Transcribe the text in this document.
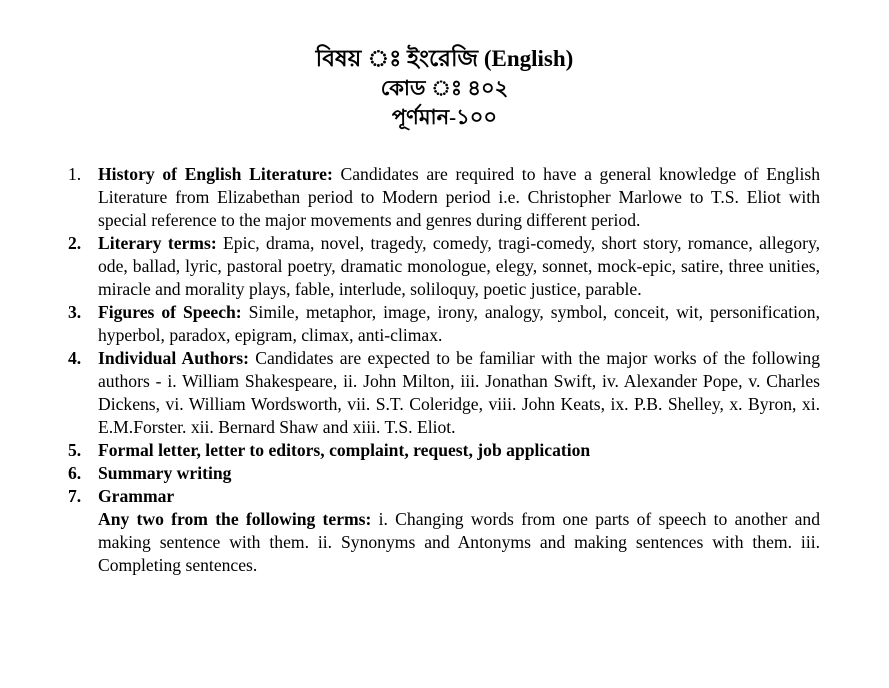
বিষয় ঃ ইংরেজি (English)
কোড ঃ ৪০২
পূর্ণমান-১০০
1. History of English Literature: Candidates are required to have a general knowledge of English Literature from Elizabethan period to Modern period i.e. Christopher Marlowe to T.S. Eliot with special reference to the major movements and genres during different period.
2. Literary terms: Epic, drama, novel, tragedy, comedy, tragi-comedy, short story, romance, allegory, ode, ballad, lyric, pastoral poetry, dramatic monologue, elegy, sonnet, mock-epic, satire, three unities, miracle and morality plays, fable, interlude, soliloquy, poetic justice, parable.
3. Figures of Speech: Simile, metaphor, image, irony, analogy, symbol, conceit, wit, personification, hyperbol, paradox, epigram, climax, anti-climax.
4. Individual Authors: Candidates are expected to be familiar with the major works of the following authors - i. William Shakespeare, ii. John Milton, iii. Jonathan Swift, iv. Alexander Pope, v. Charles Dickens, vi. William Wordsworth, vii. S.T. Coleridge, viii. John Keats, ix. P.B. Shelley, x. Byron, xi. E.M.Forster. xii. Bernard Shaw and xiii. T.S. Eliot.
5. Formal letter, letter to editors, complaint, request, job application
6. Summary writing
7. Grammar
Any two from the following terms: i. Changing words from one parts of speech to another and making sentence with them. ii. Synonyms and Antonyms and making sentences with them. iii. Completing sentences.
